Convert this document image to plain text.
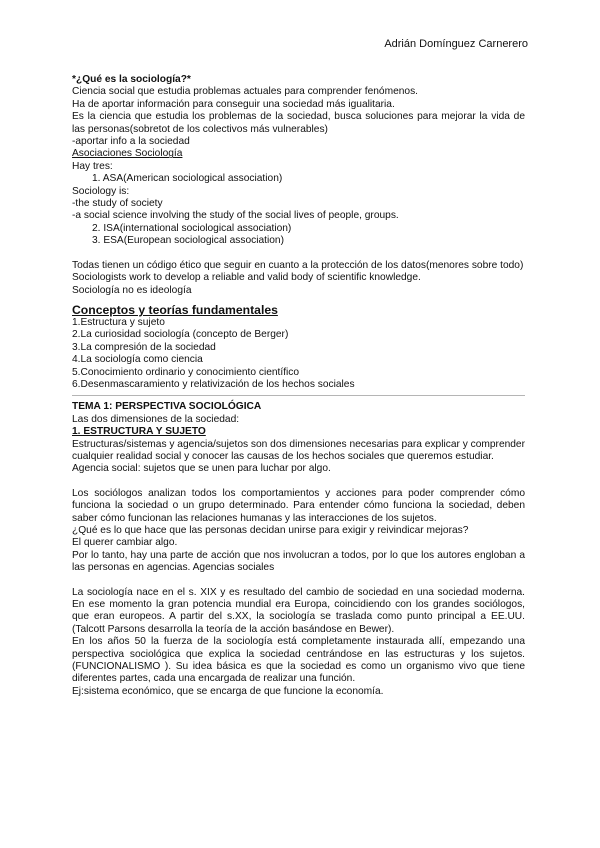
Adrián Domínguez Carnerero

*¿Qué es la sociología?*

Ciencia social que estudia problemas actuales para comprender fenómenos.

Ha de aportar información para conseguir una sociedad más igualitaria.

Es la ciencia que estudia los problemas de la sociedad, busca soluciones para mejorar la vida de las personas(sobretot de los colectivos más vulnerables)

-aportar info a la sociedad

Asociaciones Sociología

Hay tres:

1. ASA(American sociological association)

Sociology is:

-the study of society

-a social science involving the study of the social lives of people, groups.

2. ISA(international sociological association)
3. ESA(European sociological association)

Todas tienen un código ético que seguir en cuanto a la protección de los datos(menores sobre todo)

Sociologists work to develop a reliable and valid body of scientific knowledge.

Sociología no es ideología

Conceptos y teorías fundamentales

1.Estructura y sujeto

2.La curiosidad sociología (concepto de Berger)

3.La compresión de la sociedad

4.La sociología como ciencia

5.Conocimiento ordinario y conocimiento científico

6.Desenmascaramiento y relativización de los hechos sociales

TEMA 1: PERSPECTIVA SOCIOLÓGICA

Las dos dimensiones de la sociedad:

1. ESTRUCTURA Y SUJETO

Estructuras/sistemas y agencia/sujetos son dos dimensiones necesarias para explicar y comprender cualquier realidad social y conocer las causas de los hechos sociales que queremos estudiar.

Agencia social: sujetos que se unen para luchar por algo.

Los sociólogos analizan todos los comportamientos y acciones para poder comprender cómo funciona la sociedad o un grupo determinado. Para entender cómo funciona la sociedad, deben saber cómo funcionan las relaciones humanas y las interacciones de los sujetos.

¿Qué es lo que hace que las personas decidan unirse para exigir y reivindicar mejoras?

El querer cambiar algo.

Por lo tanto, hay una parte de acción que nos involucran a todos, por lo que los autores engloban a las personas en agencias. Agencias sociales

La sociología nace en el s. XIX y es resultado del cambio de sociedad en una sociedad moderna. En ese momento la gran potencia mundial era Europa, coincidiendo con los grandes sociólogos, que eran europeos. A partir del s.XX, la sociología se traslada como punto principal a EE.UU. (Talcott Parsons desarrolla la teoría de la acción basándose en Bewer).

En los años 50 la fuerza de la sociología está completamente instaurada allí, empezando una perspectiva sociológica que explica la sociedad centrándose en las estructuras y los sujetos. (FUNCIONALISMO ). Su idea básica es que la sociedad es como un organismo vivo que tiene diferentes partes, cada una encargada de realizar una función.

Ej:sistema económico, que se encarga de que funcione la economía.
